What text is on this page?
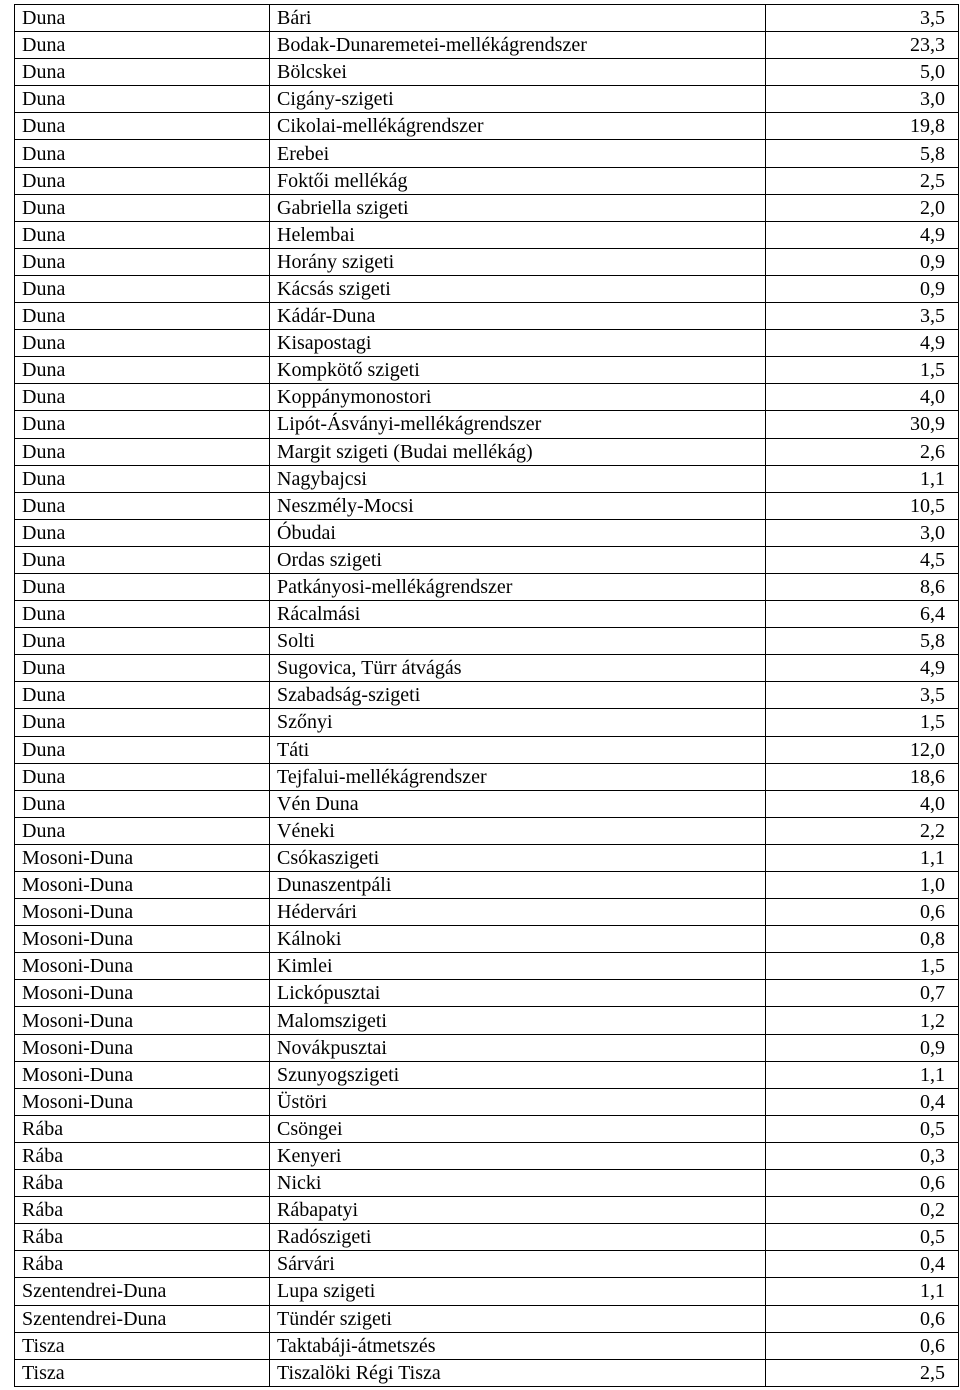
Duna	Bári	3,5
Duna	Bodak-Dunaremetei-mellékágrendszer	23,3
Duna	Bölcskei	5,0
Duna	Cigány-szigeti	3,0
Duna	Cikolai-mellékágrendszer	19,8
Duna	Erebei	5,8
Duna	Foktői mellékág	2,5
Duna	Gabriella szigeti	2,0
Duna	Helembai	4,9
Duna	Horány szigeti	0,9
Duna	Kácsás szigeti	0,9
Duna	Kádár-Duna	3,5
Duna	Kisapostagi	4,9
Duna	Kompkötő szigeti	1,5
Duna	Koppánymonostori	4,0
Duna	Lipót-Ásványi-mellékágrendszer	30,9
Duna	Margit szigeti (Budai mellékág)	2,6
Duna	Nagybajcsi	1,1
Duna	Neszmély-Mocsi	10,5
Duna	Óbudai	3,0
Duna	Ordas szigeti	4,5
Duna	Patkányosi-mellékágrendszer	8,6
Duna	Rácalmási	6,4
Duna	Solti	5,8
Duna	Sugovica, Türr átvágás	4,9
Duna	Szabadság-szigeti	3,5
Duna	Szőnyi	1,5
Duna	Táti	12,0
Duna	Tejfalui-mellékágrendszer	18,6
Duna	Vén Duna	4,0
Duna	Véneki	2,2
Mosoni-Duna	Csókaszigeti	1,1
Mosoni-Duna	Dunaszentpáli	1,0
Mosoni-Duna	Hédervári	0,6
Mosoni-Duna	Kálnoki	0,8
Mosoni-Duna	Kimlei	1,5
Mosoni-Duna	Lickópusztai	0,7
Mosoni-Duna	Malomszigeti	1,2
Mosoni-Duna	Novákpusztai	0,9
Mosoni-Duna	Szunyogszigeti	1,1
Mosoni-Duna	Üstöri	0,4
Rába	Csöngei	0,5
Rába	Kenyeri	0,3
Rába	Nicki	0,6
Rába	Rábapatyi	0,2
Rába	Radószigeti	0,5
Rába	Sárvári	0,4
Szentendrei-Duna	Lupa szigeti	1,1
Szentendrei-Duna	Tündér szigeti	0,6
Tisza	Taktabáji-átmetszés	0,6
Tisza	Tiszalöki Régi Tisza	2,5
